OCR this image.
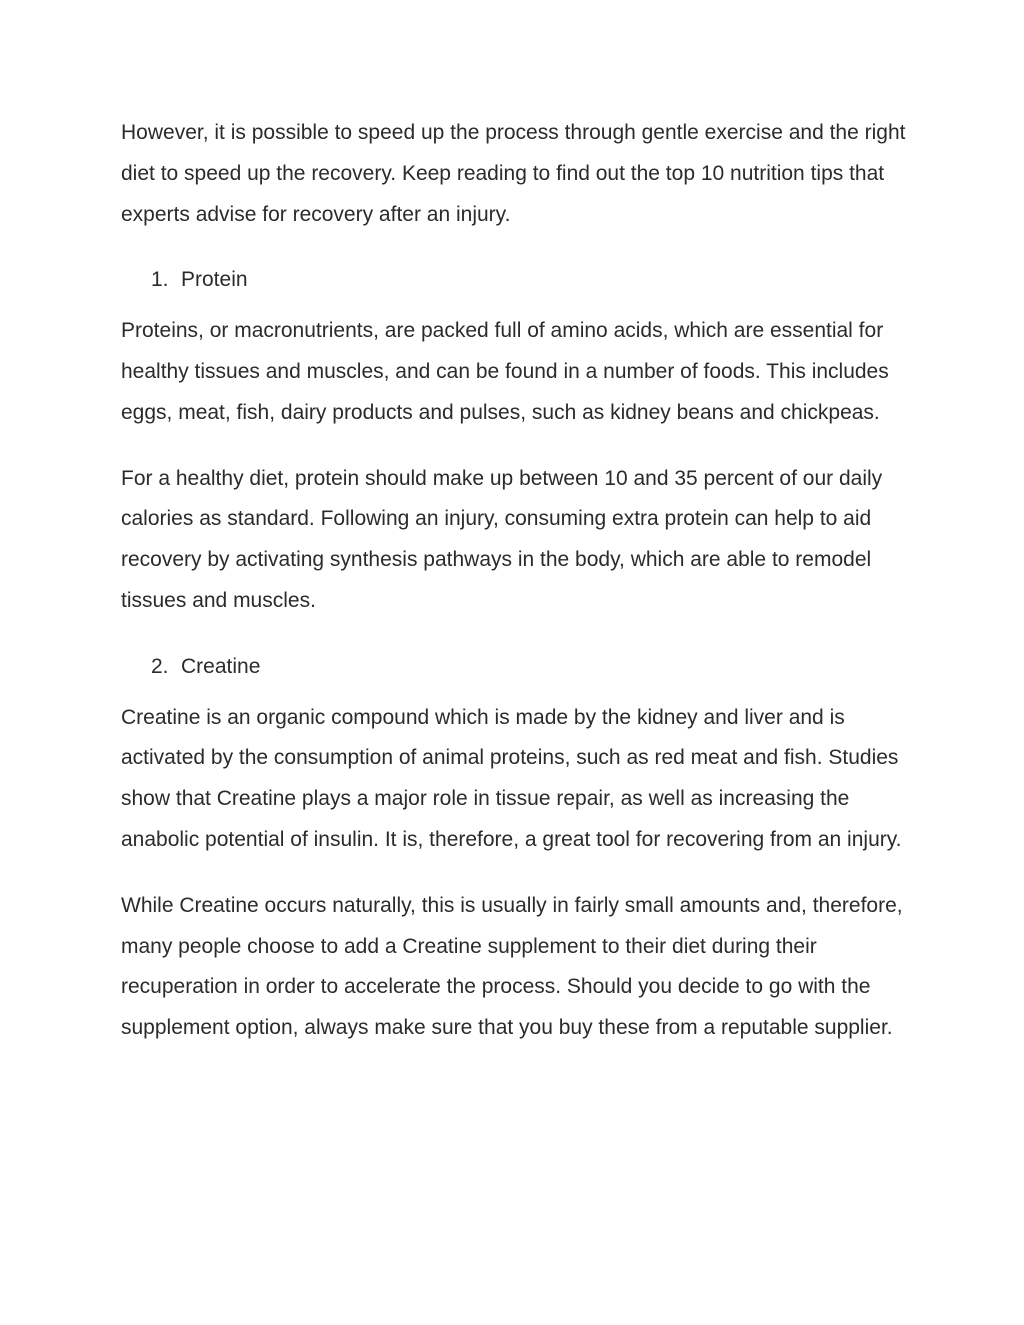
However, it is possible to speed up the process through gentle exercise and the right diet to speed up the recovery. Keep reading to find out the top 10 nutrition tips that experts advise for recovery after an injury.

1. Protein

Proteins, or macronutrients, are packed full of amino acids, which are essential for healthy tissues and muscles, and can be found in a number of foods. This includes eggs, meat, fish, dairy products and pulses, such as kidney beans and chickpeas.

For a healthy diet, protein should make up between 10 and 35 percent of our daily calories as standard. Following an injury, consuming extra protein can help to aid recovery by activating synthesis pathways in the body, which are able to remodel tissues and muscles.

2. Creatine

Creatine is an organic compound which is made by the kidney and liver and is activated by the consumption of animal proteins, such as red meat and fish. Studies show that Creatine plays a major role in tissue repair, as well as increasing the anabolic potential of insulin. It is, therefore, a great tool for recovering from an injury.

While Creatine occurs naturally, this is usually in fairly small amounts and, therefore, many people choose to add a Creatine supplement to their diet during their recuperation in order to accelerate the process. Should you decide to go with the supplement option, always make sure that you buy these from a reputable supplier.
